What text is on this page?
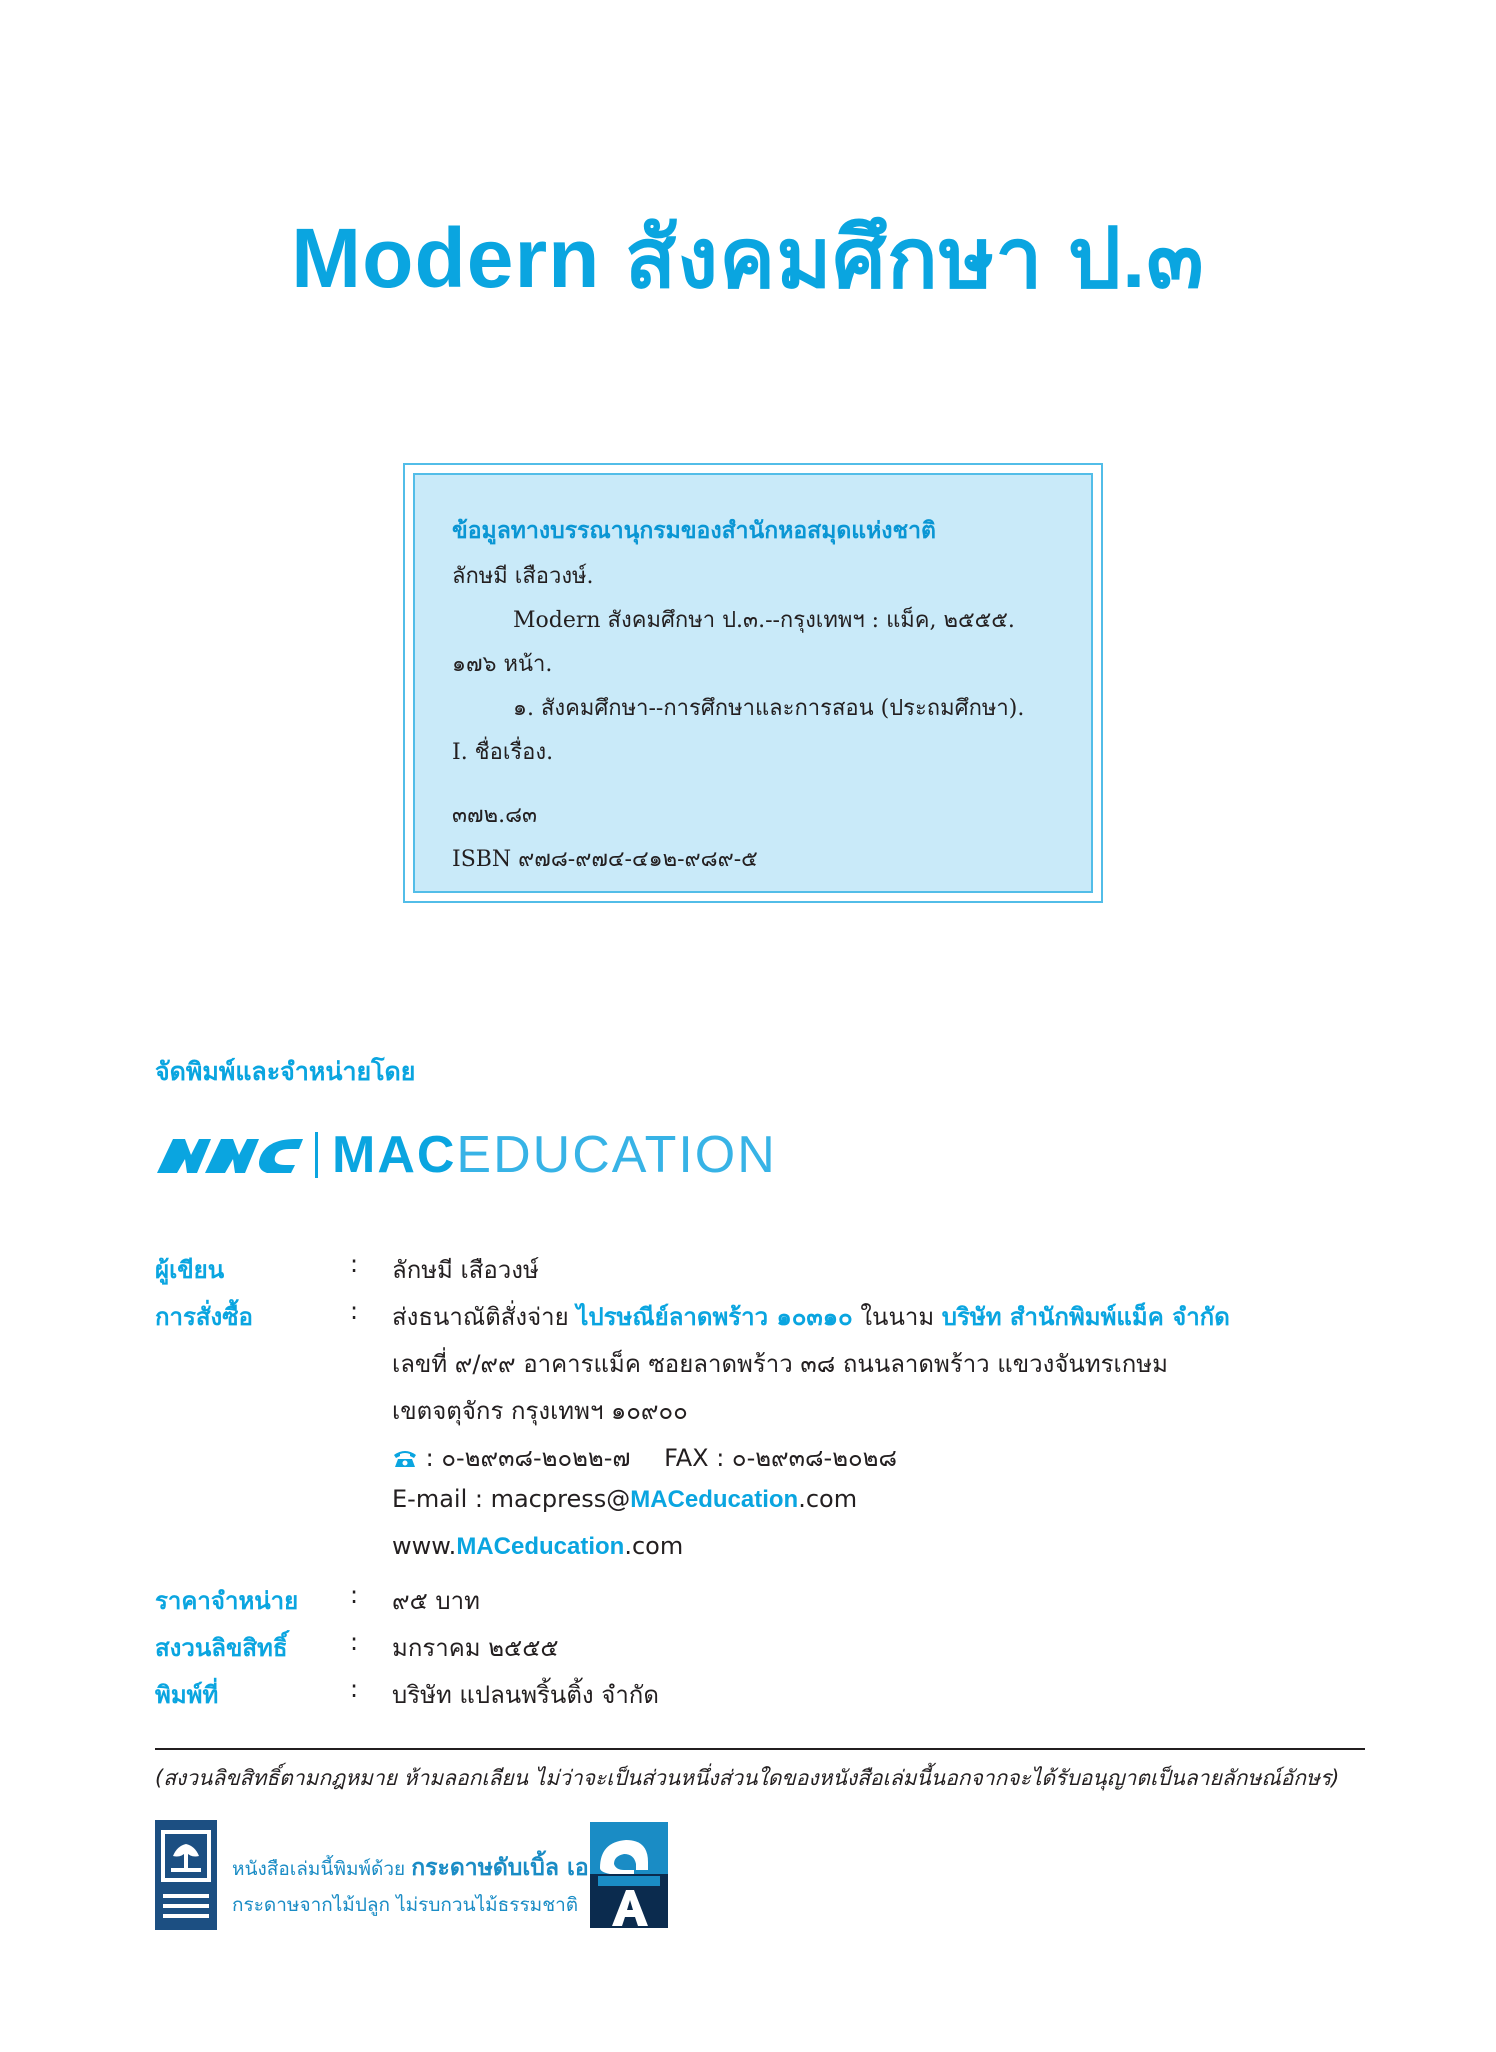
Modern สังคมศึกษา ป.๓
ข้อมูลทางบรรณานุกรมของสำนักหอสมุดแห่งชาติ
ลักษมี เสือวงษ์.
Modern สังคมศึกษา ป.๓.--กรุงเทพฯ : แม็ค, ๒๕๕๕.
๑๗๖ หน้า.
๑. สังคมศึกษา--การศึกษาและการสอน (ประถมศึกษา).
I. ชื่อเรื่อง.
๓๗๒.๘๓
ISBN ๙๗๘-๙๗๔-๔๑๒-๙๘๙-๕
จัดพิมพ์และจำหน่ายโดย
MACEDUCATION
ผู้เขียน	: ลักษมี เสือวงษ์
การสั่งซื้อ	: ส่งธนาณัติสั่งจ่าย ไปรษณีย์ลาดพร้าว ๑๐๓๑๐ ในนาม บริษัท สำนักพิมพ์แม็ค จำกัด
เลขที่ ๙/๙๙ อาคารแม็ค ซอยลาดพร้าว ๓๘ ถนนลาดพร้าว แขวงจันทรเกษม
เขตจตุจักร กรุงเทพฯ ๑๐๙๐๐
: ๐-๒๙๓๘-๒๐๒๒-๗ FAX : ๐-๒๙๓๘-๒๐๒๘
E-mail : macpress@MACeducation.com
www.MACeducation.com
ราคาจำหน่าย : ๙๕ บาท
สงวนลิขสิทธิ์	: มกราคม ๒๕๕๕
พิมพ์ที่	: บริษัท แปลนพริ้นติ้ง จำกัด
(สงวนลิขสิทธิ์ตามกฎหมาย ห้ามลอกเลียน ไม่ว่าจะเป็นส่วนหนึ่งส่วนใดของหนังสือเล่มนี้นอกจากจะได้รับอนุญาตเป็นลายลักษณ์อักษร)
หนังสือเล่มนี้พิมพ์ด้วย กระดาษดับเบิ้ล เอ
กระดาษจากไม้ปลูก ไม่รบกวนไม้ธรรมชาติ
